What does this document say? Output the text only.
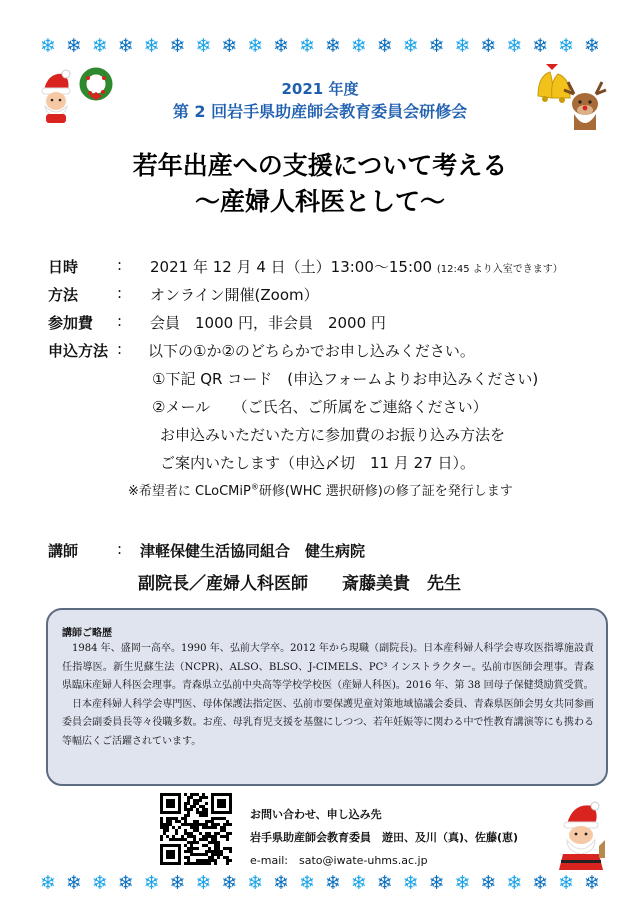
❄ ❄ ❄ ❄ ❄ ❄ ❄ ❄ ❄ ❄ ❄ ❄ ❄ ❄ ❄ ❄ ❄ ❄ ❄ ❄ ❄ ❄
2021 年度
第 2 回岩手県助産師会教育委員会研修会
若年出産への支援について考える
～産婦人科医として～
日時	: 2021 年 12 月 4 日（土）13:00～15:00 (12:45 より入室できます）
方法	: オンライン開催(Zoom）
参加費 : 会員　1000 円，非会員　2000 円
申込方法 : 以下の①か②のどちらかでお申し込みください。
①下記 QR コード　(申込フォームよりお申込みください)
②メール　　（ご氏名、ご所属をご連絡ください）
お申込みいただいた方に参加費のお振り込み方法を
ご案内いたします（申込〆切　11 月 27 日）。
※希望者に CLoCMiP®研修(WHC 選択研修)の修了証を発行します
講師	: 津軽保健生活協同組合　健生病院
副院長／産婦人科医師　　斎藤美貴　先生
講師ご略歴

1984 年、盛岡一高卒。1990 年、弘前大学卒。2012 年から現職（副院長)。日本産科婦人科学会専攻医指導施設責任指導医。新生児蘇生法（NCPR)、ALSO、BLSO、J-CIMELS、PC³ インストラクター。弘前市医師会理事。青森県臨床産婦人科医会理事。青森県立弘前中央高等学校学校医（産婦人科医)。2016 年、第 38 回母子保健奨励賞受賞。

日本産科婦人科学会専門医、母体保護法指定医、弘前市要保護児童対策地域協議会委員、青森県医師会男女共同参画委員会副委員長等々役職多数。お産、母乳育児支援を基盤にしつつ、若年妊娠等に関わる中で性教育講演等にも携わる等幅広くご活躍されています。

お問い合わせ、申し込み先
岩手県助産師会教育委員　遊田、及川（真)、佐藤(恵)
e-mail:　sato@iwate-uhms.ac.jp
❄ ❄ ❄ ❄ ❄ ❄ ❄ ❄ ❄ ❄ ❄ ❄ ❄ ❄ ❄ ❄ ❄ ❄ ❄ ❄ ❄ ❄
